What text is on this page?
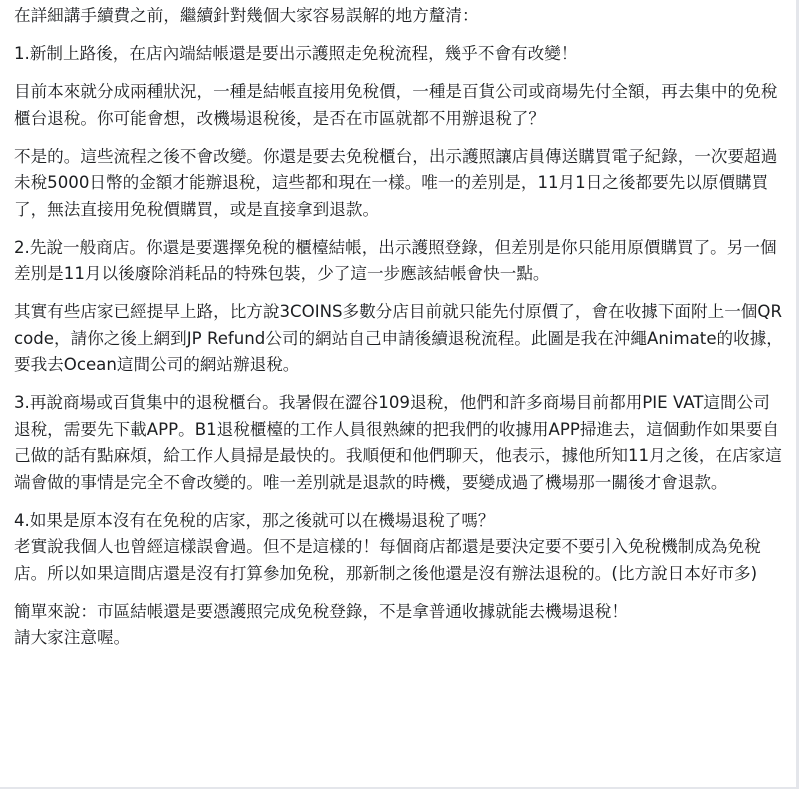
在詳細講手續費之前，繼續針對幾個大家容易誤解的地方釐清：

1.新制上路後，在店內端結帳還是要出示護照走免稅流程，幾乎不會有改變！

目前本來就分成兩種狀況，一種是結帳直接用免稅價，一種是百貨公司或商場先付全額，再去集中的免稅櫃台退稅。你可能會想，改機場退稅後，是否在市區就都不用辦退稅了？

不是的。這些流程之後不會改變。你還是要去免稅櫃台，出示護照讓店員傳送購買電子紀錄，一次要超過未稅5000日幣的金額才能辦退稅，這些都和現在一樣。唯一的差別是，11月1日之後都要先以原價購買了，無法直接用免稅價購買，或是直接拿到退款。

2.先說一般商店。你還是要選擇免稅的櫃檯結帳，出示護照登錄，但差別是你只能用原價購買了。另一個差別是11月以後廢除消耗品的特殊包裝，少了這一步應該結帳會快一點。

其實有些店家已經提早上路，比方說3COINS多數分店目前就只能先付原價了，會在收據下面附上一個QR code，請你之後上網到JP Refund公司的網站自己申請後續退稅流程。此圖是我在沖繩Animate的收據，要我去Ocean這間公司的網站辦退稅。

3.再說商場或百貨集中的退稅櫃台。我暑假在澀谷109退稅，他們和許多商場目前都用PIE VAT這間公司退稅，需要先下載APP。B1退稅櫃檯的工作人員很熟練的把我們的收據用APP掃進去，這個動作如果要自己做的話有點麻煩，給工作人員掃是最快的。我順便和他們聊天，他表示，據他所知11月之後，在店家這端會做的事情是完全不會改變的。唯一差別就是退款的時機，要變成過了機場那一關後才會退款。

4.如果是原本沒有在免稅的店家，那之後就可以在機場退稅了嗎？
老實說我個人也曾經這樣誤會過。但不是這樣的！每個商店都還是要決定要不要引入免稅機制成為免稅店。所以如果這間店還是沒有打算參加免稅，那新制之後他還是沒有辦法退稅的。(比方說日本好市多)

簡單來說：市區結帳還是要憑護照完成免稅登錄，不是拿普通收據就能去機場退稅！
請大家注意喔。
